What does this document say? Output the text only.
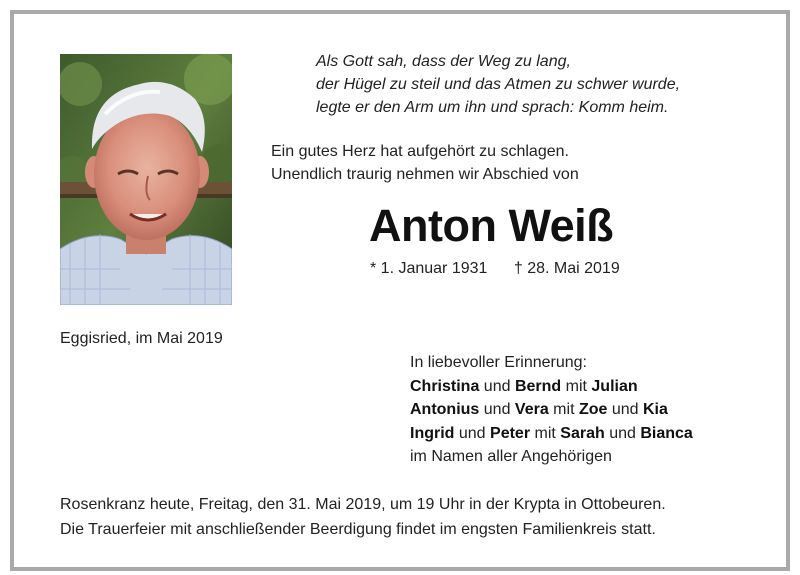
Als Gott sah, dass der Weg zu lang,
der Hügel zu steil und das Atmen zu schwer wurde,
legte er den Arm um ihn und sprach: Komm heim.
Ein gutes Herz hat aufgehört zu schlagen.
Unendlich traurig nehmen wir Abschied von
Anton Weiß
* 1. Januar 1931 † 28. Mai 2019
Eggisried, im Mai 2019
In liebevoller Erinnerung:
Christina und Bernd mit Julian
Antonius und Vera mit Zoe und Kia
Ingrid und Peter mit Sarah und Bianca
im Namen aller Angehörigen
Rosenkranz heute, Freitag, den 31. Mai 2019, um 19 Uhr in der Krypta in Ottobeuren.
Die Trauerfeier mit anschließender Beerdigung findet im engsten Familienkreis statt.
